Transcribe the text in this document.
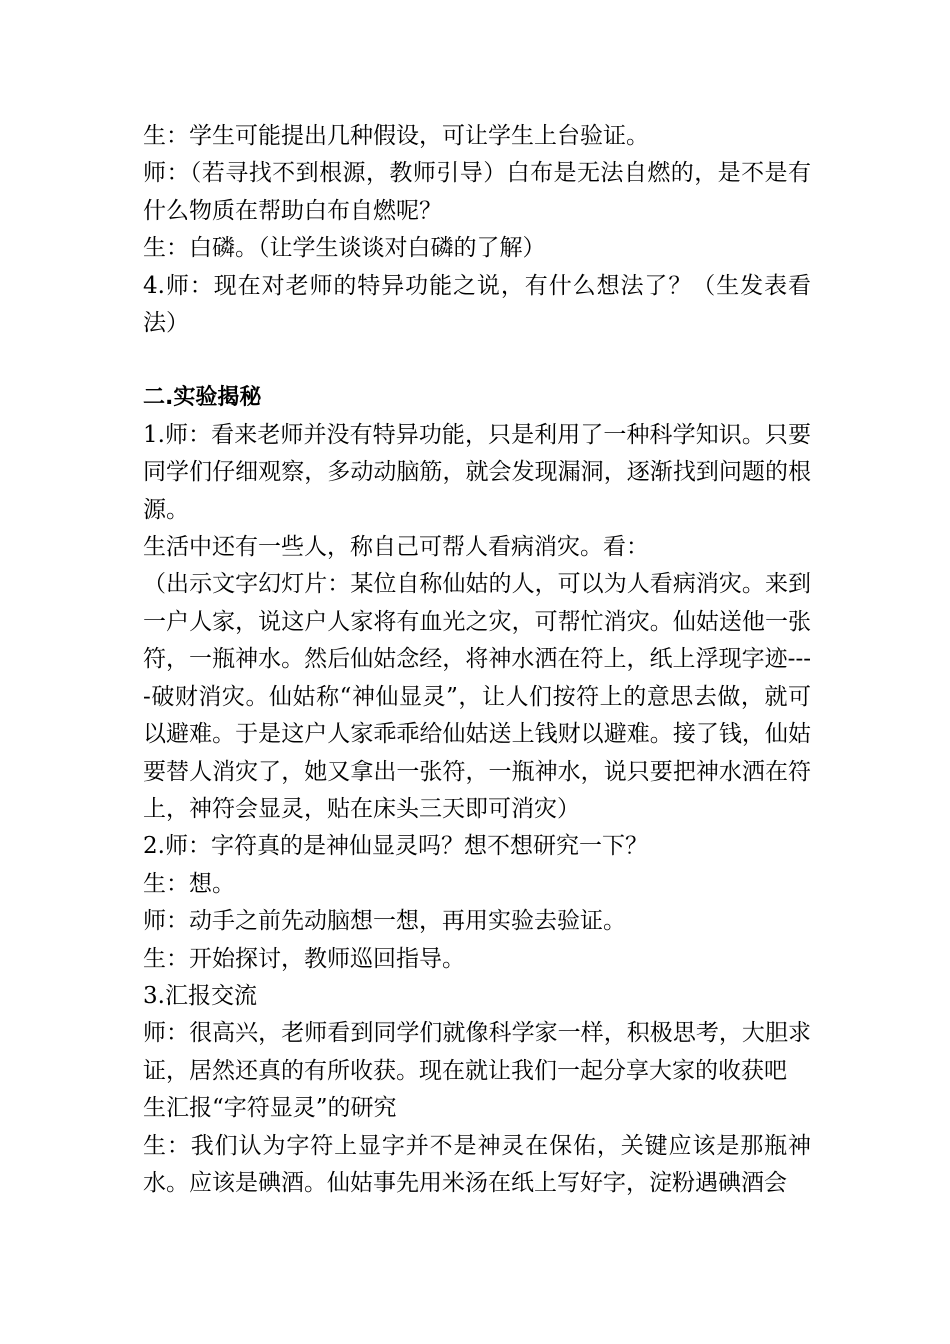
生：学生可能提出几种假设，可让学生上台验证。

师：（若寻找不到根源，教师引导）白布是无法自燃的，是不是有什么物质在帮助白布自燃呢？

生：白磷。（让学生谈谈对白磷的了解）

4.师：现在对老师的特异功能之说，有什么想法了？（生发表看法）

二.实验揭秘

1.师：看来老师并没有特异功能，只是利用了一种科学知识。只要同学们仔细观察，多动动脑筋，就会发现漏洞，逐渐找到问题的根源。

生活中还有一些人，称自己可帮人看病消灾。看：

（出示文字幻灯片：某位自称仙姑的人，可以为人看病消灾。来到一户人家，说这户人家将有血光之灾，可帮忙消灾。仙姑送他一张符，一瓶神水。然后仙姑念经，将神水洒在符上，纸上浮现字迹----破财消灾。仙姑称“神仙显灵”，让人们按符上的意思去做，就可以避难。于是这户人家乖乖给仙姑送上钱财以避难。接了钱，仙姑要替人消灾了，她又拿出一张符，一瓶神水，说只要把神水洒在符上，神符会显灵，贴在床头三天即可消灾）

2.师：字符真的是神仙显灵吗？想不想研究一下？

生：想。

师：动手之前先动脑想一想，再用实验去验证。

生：开始探讨，教师巡回指导。

3.汇报交流

师：很高兴，老师看到同学们就像科学家一样，积极思考，大胆求证，居然还真的有所收获。现在就让我们一起分享大家的收获吧

生汇报“字符显灵”的研究

生：我们认为字符上显字并不是神灵在保佑，关键应该是那瓶神水。应该是碘酒。仙姑事先用米汤在纸上写好字，淀粉遇碘酒会
